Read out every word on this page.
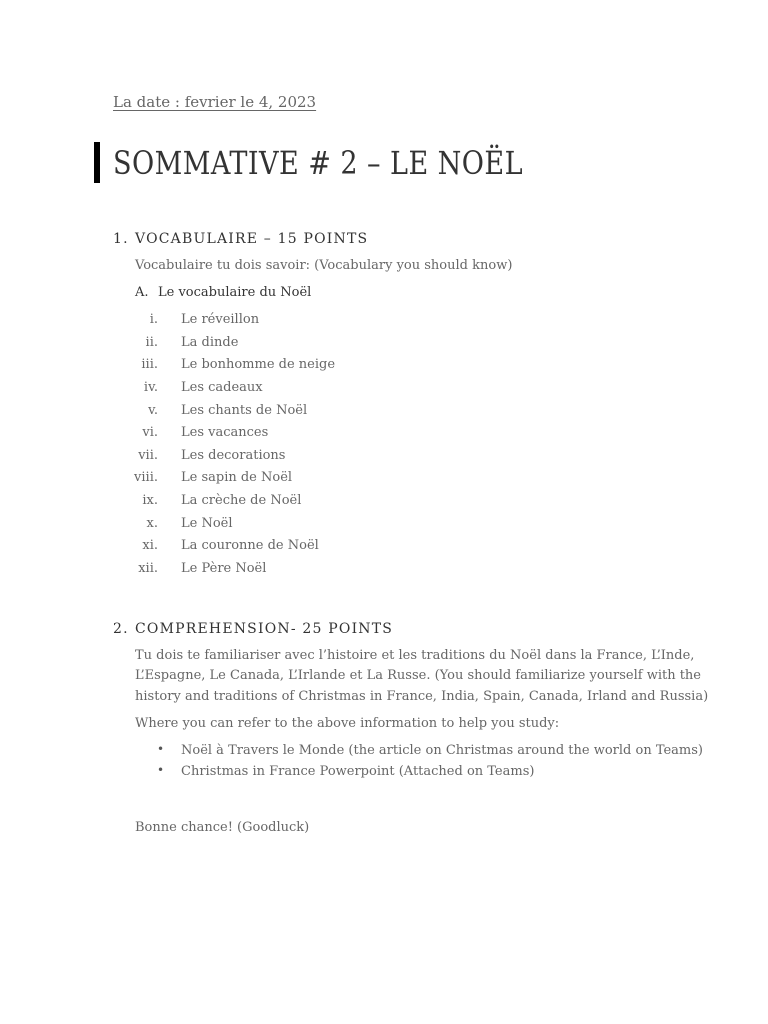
La date : fevrier le 4, 2023
SOMMATIVE # 2 – LE NOËL
1. VOCABULAIRE – 15 POINTS
Vocabulaire tu dois savoir: (Vocabulary you should know)
A. Le vocabulaire du Noël
i. Le réveillon
ii. La dinde
iii. Le bonhomme de neige
iv. Les cadeaux
v. Les chants de Noël
vi. Les vacances
vii. Les decorations
viii. Le sapin de Noël
ix. La crèche de Noël
x. Le Noël
xi. La couronne de Noël
xii. Le Père Noël
2. COMPREHENSION- 25 POINTS
Tu dois te familiariser avec l’histoire et les traditions du Noël dans la France, L’Inde,
L’Espagne, Le Canada, L’Irlande et La Russe. (You should familiarize yourself with the
history and traditions of Christmas in France, India, Spain, Canada, Irland and Russia)
Where you can refer to the above information to help you study:
• Noël à Travers le Monde (the article on Christmas around the world on Teams)
• Christmas in France Powerpoint (Attached on Teams)
Bonne chance! (Goodluck)
